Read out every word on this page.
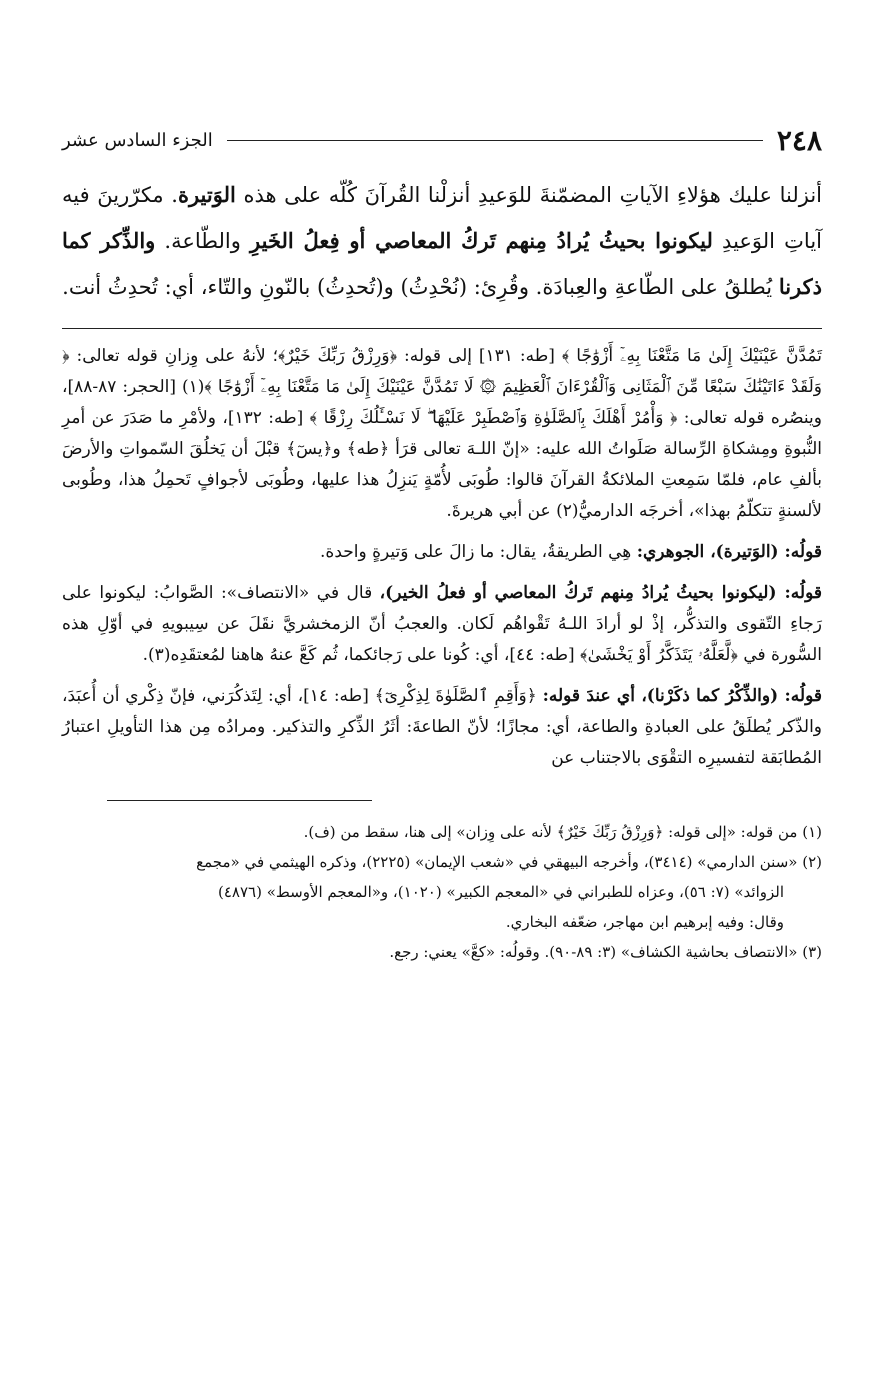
٢٤٨
الجزء السادس عشر
أنزلنا عليك هؤلاءِ الآياتِ المضمّنةَ للوَعيدِ أنزلْنا القُرآنَ كُلّه على هذه الوَتيرة. مكرّرينَ فيه آياتِ الوَعيدِ ليكونوا بحيثُ يُرادُ مِنهم تَركُ المعاصي أو فِعلُ الخَيرِ والطّاعة. والذِّكر كما ذكرنا يُطلقُ على الطّاعةِ والعِبادَة. وقُرِئ: (نُحْدِثُ) و(تُحدِثُ) بالنّونِ والتّاء، أي: تُحدِثُ أنت.

تَمُدَّنَّ عَيْنَيْكَ إِلَىٰ مَا مَتَّعْنَا بِهِۦٓ أَزْوَٰجًا ﴾ [طه: ١٣١] إلى قوله: ﴿وَرِزْقُ رَبِّكَ خَيْرٌ﴾؛ لأنهُ على وِزانِ قوله تعالى: ﴿ وَلَقَدْ ءَاتَيْنَٰكَ سَبْعًا مِّنَ ٱلْمَثَانِى وَٱلْقُرْءَانَ ٱلْعَظِيمَ ۞ لَا تَمُدَّنَّ عَيْنَيْكَ إِلَىٰ مَا مَتَّعْنَا بِهِۦٓ أَزْوَٰجًا ﴾(١) [الحجر: ٨٧-٨٨]، وينصُره قوله تعالى: ﴿ وَأْمُرْ أَهْلَكَ بِٱلصَّلَوٰةِ وَٱصْطَبِرْ عَلَيْهَا ۖ لَا نَسْـَٔلُكَ رِزْقًا ﴾ [طه: ١٣٢]، ولأمْرِ ما صَدَرَ عن أمرِ النُّبوةِ ومِشكاةِ الرِّسالة صَلَواتُ الله عليه: «إنّ اللـهَ تعالى قرَأ ﴿طه﴾ و﴿يسٓ﴾ قبْلَ أن يَخلُقَ السّمواتِ والأرضَ بألفِ عام، فلمّا سَمِعتِ الملائكةُ القرآنَ قالوا: طُوبَى لأُمّةٍ يَنزِلُ هذا عليها، وطُوبَى لأجوافٍ تَحمِلُ هذا، وطُوبى لألسنةٍ تتكلّمُ بهذا»، أخرجَه الدارميُّ(٢) عن أبي هريرةَ.

قولُه: (الوَتيرة)، الجوهري: هِي الطريقةُ، يقال: ما زالَ على وَتيرةٍ واحدة.

قولُه: (ليكونوا بحيثُ يُرادُ مِنهم تَركُ المعاصي أو فعلُ الخير)، قال في «الانتصاف»: الصَّوابُ: ليكونوا على رَجاءِ التّقوى والتذكُّر، إذْ لو أرادَ اللـهُ تَقْواهُم لَكان. والعجبُ أنّ الزمخشريَّ نقَلَ عن سِيبويهِ في أوّلِ هذه السُّورة في ﴿لَّعَلَّهُۥ يَتَذَكَّرُ أَوْ يَخْشَىٰ﴾ [طه: ٤٤]، أي: كُونا على رَجائكما، ثُم كَعَّ عنهُ هاهنا لمُعتقَدِه(٣).

قولُه: (والذِّكْرُ كما ذكَرْنا)، أي عندَ قوله: ﴿وَأَقِمِ ٱلصَّلَوٰةَ لِذِكْرِىٓ﴾ [طه: ١٤]، أي: لِتَذكُرَني، فإنّ ذِكْري أن أُعبَدَ، والذّكر يُطلَقُ على العبادةِ والطاعة، أي: مجازًا؛ لأنّ الطاعةَ: أثَرُ الذِّكرِ والتذكير. ومرادُه مِن هذا التأويلِ اعتبارُ المُطابَقة لتفسيرِه التقْوَى بالاجتناب عن

(١) من قوله: «إلى قوله: ﴿وَرِزْقُ رَبِّكَ خَيْرٌ﴾ لأنه على وِزان» إلى هنا، سقط من (ف).

(٢) «سنن الدارمي» (٣٤١٤)، وأخرجه البيهقي في «شعب الإيمان» (٢٢٢٥)، وذكره الهيثمي في «مجمع

الزوائد» (٧: ٥٦)، وعزاه للطبراني في «المعجم الكبير» (١٠٢٠)، و«المعجم الأوسط» (٤٨٧٦)

وقال: وفيه إبرهيم ابن مهاجر، ضعّفه البخاري.

(٣) «الانتصاف بحاشية الكشاف» (٣: ٨٩-٩٠). وقولُه: «كعَّ» يعني: رجع.
